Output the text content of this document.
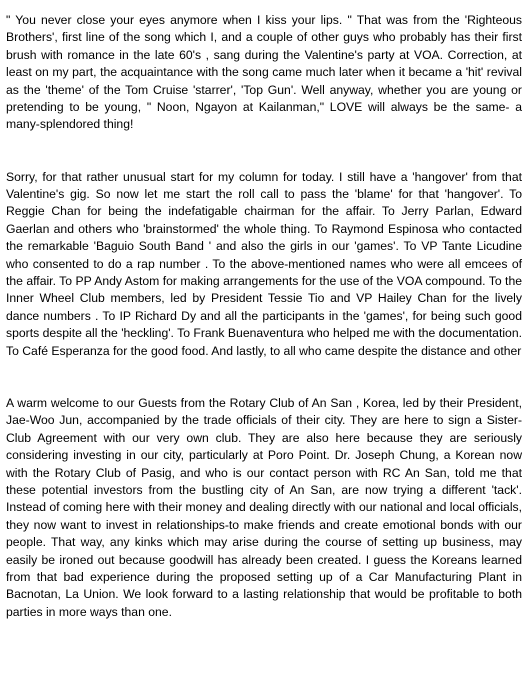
" You never close your eyes anymore when I kiss your lips. " That was from the 'Righteous Brothers', first line of the song which I, and a couple of other guys who probably has their first brush with romance in the late 60's , sang during the Valentine's party at VOA. Correction, at least on my part, the acquaintance with the song came much later when it became a 'hit' revival as the 'theme' of the Tom Cruise 'starrer', 'Top Gun'. Well anyway, whether you are young or pretending to be young, " Noon, Ngayon at Kailanman," LOVE will always be the same- a many-splendored thing!

Sorry, for that rather unusual start for my column for today. I still have a 'hangover' from that Valentine's gig. So now let me start the roll call to pass the 'blame' for that 'hangover'. To Reggie Chan for being the indefatigable chairman for the affair. To Jerry Parlan, Edward Gaerlan and others who 'brainstormed' the whole thing. To Raymond Espinosa who contacted the remarkable 'Baguio South Band ' and also the girls in our 'games'. To VP Tante Licudine who consented to do a rap number . To the above-mentioned names who were all emcees of the affair. To PP Andy Astom for making arrangements for the use of the VOA compound. To the Inner Wheel Club members, led by President Tessie Tio and VP Hailey Chan for the lively dance numbers . To IP Richard Dy and all the participants in the 'games', for being such good sports despite all the 'heckling'. To Frank Buenaventura who helped me with the documentation. To Café Esperanza for the good food. And lastly, to all who came despite the distance and other

A warm welcome to our Guests from the Rotary Club of An San , Korea, led by their President, Jae-Woo Jun, accompanied by the trade officials of their city. They are here to sign a Sister-Club Agreement with our very own club. They are also here because they are seriously considering investing in our city, particularly at Poro Point. Dr. Joseph Chung, a Korean now with the Rotary Club of Pasig, and who is our contact person with RC An San, told me that these potential investors from the bustling city of An San, are now trying a different 'tack'. Instead of coming here with their money and dealing directly with our national and local officials, they now want to invest in relationships-to make friends and create emotional bonds with our people. That way, any kinks which may arise during the course of setting up business, may easily be ironed out because goodwill has already been created. I guess the Koreans learned from that bad experience during the proposed setting up of a Car Manufacturing Plant in Bacnotan, La Union. We look forward to a lasting relationship that would be profitable to both parties in more ways than one.
